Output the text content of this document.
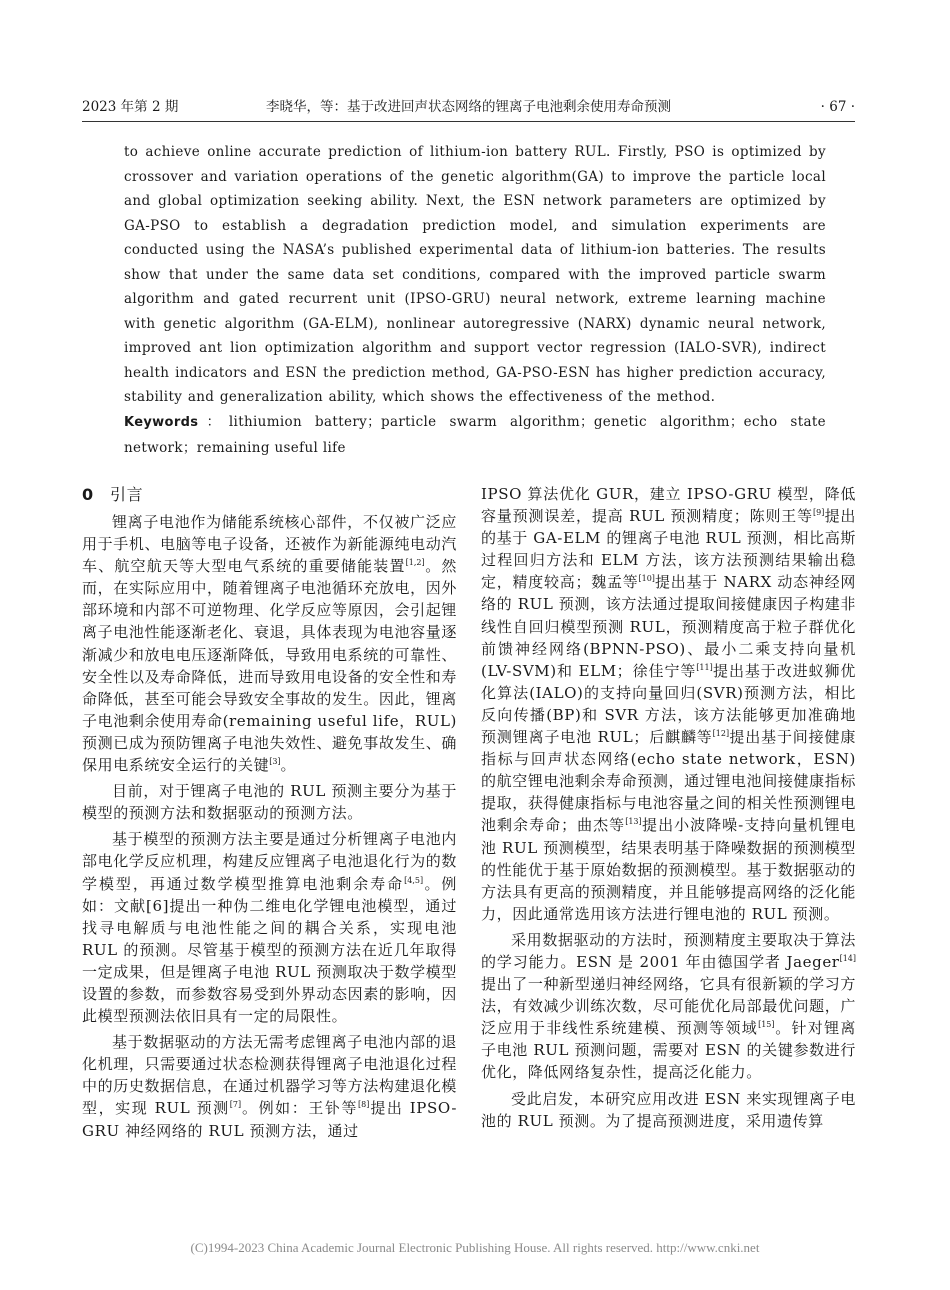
2023 年第 2 期	李晓华，等：基于改进回声状态网络的锂离子电池剩余使用寿命预测	· 67 ·
to achieve online accurate prediction of lithium-ion battery RUL. Firstly, PSO is optimized by crossover and variation operations of the genetic algorithm(GA) to improve the particle local and global optimization seeking ability. Next, the ESN network parameters are optimized by GA-PSO to establish a degradation prediction model, and simulation experiments are conducted using the NASA’s published experimental data of lithium-ion batteries. The results show that under the same data set conditions, compared with the improved particle swarm algorithm and gated recurrent unit (IPSO-GRU) neural network, extreme learning machine with genetic algorithm (GA-ELM), nonlinear autoregressive (NARX) dynamic neural network, improved ant lion optimization algorithm and support vector regression (IALO-SVR), indirect health indicators and ESN the prediction method, GA-PSO-ESN has higher prediction accuracy, stability and generalization ability, which shows the effectiveness of the method.
Keywords：lithiumion battery；particle swarm algorithm；genetic algorithm；echo state network；remaining useful life
0 引言

锂离子电池作为储能系统核心部件，不仅被广泛应用于手机、电脑等电子设备，还被作为新能源纯电动汽车、航空航天等大型电气系统的重要储能装置[1,2]。然而，在实际应用中，随着锂离子电池循环充放电，因外部环境和内部不可逆物理、化学反应等原因，会引起锂离子电池性能逐渐老化、衰退，具体表现为电池容量逐渐减少和放电电压逐渐降低，导致用电系统的可靠性、安全性以及寿命降低，进而导致用电设备的安全性和寿命降低，甚至可能会导致安全事故的发生。因此，锂离子电池剩余使用寿命(remaining useful life，RUL)预测已成为预防锂离子电池失效性、避免事故发生、确保用电系统安全运行的关键[3]。

目前，对于锂离子电池的 RUL 预测主要分为基于模型的预测方法和数据驱动的预测方法。

基于模型的预测方法主要是通过分析锂离子电池内部电化学反应机理，构建反应锂离子电池退化行为的数学模型，再通过数学模型推算电池剩余寿命[4,5]。例如：文献[6]提出一种伪二维电化学锂电池模型，通过找寻电解质与电池性能之间的耦合关系，实现电池 RUL 的预测。尽管基于模型的预测方法在近几年取得一定成果，但是锂离子电池 RUL 预测取决于数学模型设置的参数，而参数容易受到外界动态因素的影响，因此模型预测法依旧具有一定的局限性。

基于数据驱动的方法无需考虑锂离子电池内部的退化机理，只需要通过状态检测获得锂离子电池退化过程中的历史数据信息，在通过机器学习等方法构建退化模型，实现 RUL 预测[7]。例如：王钋等[8]提出 IPSO-GRU 神经网络的 RUL 预测方法，通过

IPSO 算法优化 GUR，建立 IPSO-GRU 模型，降低容量预测误差，提高 RUL 预测精度；陈则王等[9]提出的基于 GA-ELM 的锂离子电池 RUL 预测，相比高斯过程回归方法和 ELM 方法，该方法预测结果输出稳定，精度较高；魏孟等[10]提出基于 NARX 动态神经网络的 RUL 预测，该方法通过提取间接健康因子构建非线性自回归模型预测 RUL，预测精度高于粒子群优化前馈神经网络(BPNN-PSO)、最小二乘支持向量机(LV-SVM)和 ELM；徐佳宁等[11]提出基于改进蚁狮优化算法(IALO)的支持向量回归(SVR)预测方法，相比反向传播(BP)和 SVR 方法，该方法能够更加准确地预测锂离子电池 RUL；后麒麟等[12]提出基于间接健康指标与回声状态网络(echo state network，ESN)的航空锂电池剩余寿命预测，通过锂电池间接健康指标提取，获得健康指标与电池容量之间的相关性预测锂电池剩余寿命；曲杰等[13]提出小波降噪-支持向量机锂电池 RUL 预测模型，结果表明基于降噪数据的预测模型的性能优于基于原始数据的预测模型。基于数据驱动的方法具有更高的预测精度，并且能够提高网络的泛化能力，因此通常选用该方法进行锂电池的 RUL 预测。

采用数据驱动的方法时，预测精度主要取决于算法的学习能力。ESN 是 2001 年由德国学者 Jaeger[14]提出了一种新型递归神经网络，它具有很新颖的学习方法，有效减少训练次数，尽可能优化局部最优问题，广泛应用于非线性系统建模、预测等领域[15]。针对锂离子电池 RUL 预测问题，需要对 ESN 的关键参数进行优化，降低网络复杂性，提高泛化能力。

受此启发，本研究应用改进 ESN 来实现锂离子电池的 RUL 预测。为了提高预测进度，采用遗传算

(C)1994-2023 China Academic Journal Electronic Publishing House. All rights reserved. http://www.cnki.net
